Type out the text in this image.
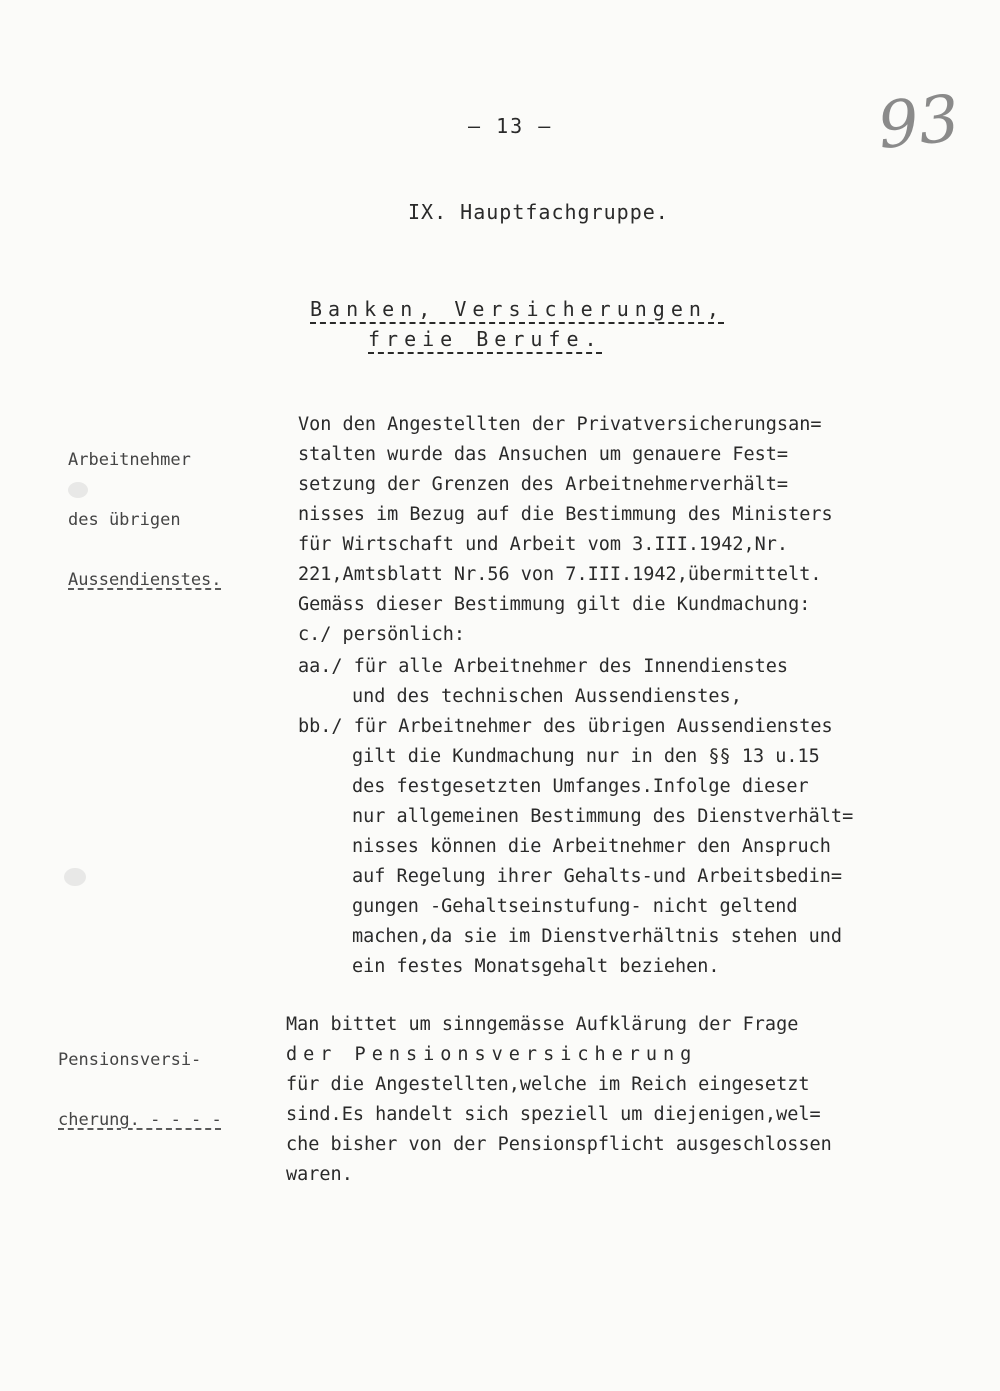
– 13 –	93
IX. Hauptfachgruppe.
Banken, Versicherungen,
freie Berufe.

Arbeitnehmer

des übrigen

Aussendienstes.

Von den Angestellten der Privatversicherungsan=
stalten wurde das Ansuchen um genauere Fest=
setzung der Grenzen des Arbeitnehmerverhält=
nisses im Bezug auf die Bestimmung des Ministers
für Wirtschaft und Arbeit vom 3.III.1942,Nr.
221,Amtsblatt Nr.56 von 7.III.1942,übermittelt.
Gemäss dieser Bestimmung gilt die Kundmachung:
c./ persönlich:
aa./ für alle Arbeitnehmer des Innendienstes
und des technischen Aussendienstes,
bb./ für Arbeitnehmer des übrigen Aussendienstes
gilt die Kundmachung nur in den §§ 13 u.15
des festgesetzten Umfanges.Infolge dieser
nur allgemeinen Bestimmung des Dienstverhält=
nisses können die Arbeitnehmer den Anspruch
auf Regelung ihrer Gehalts-und Arbeitsbedin=
gungen -Gehaltseinstufung- nicht geltend
machen,da sie im Dienstverhältnis stehen und
ein festes Monatsgehalt beziehen.

Pensionsversi-

cherung. - - - -

Man bittet um sinngemässe Aufklärung der Frage
der Pensionsversicherung
für die Angestellten,welche im Reich eingesetzt
sind.Es handelt sich speziell um diejenigen,wel=
che bisher von der Pensionspflicht ausgeschlossen
waren.
